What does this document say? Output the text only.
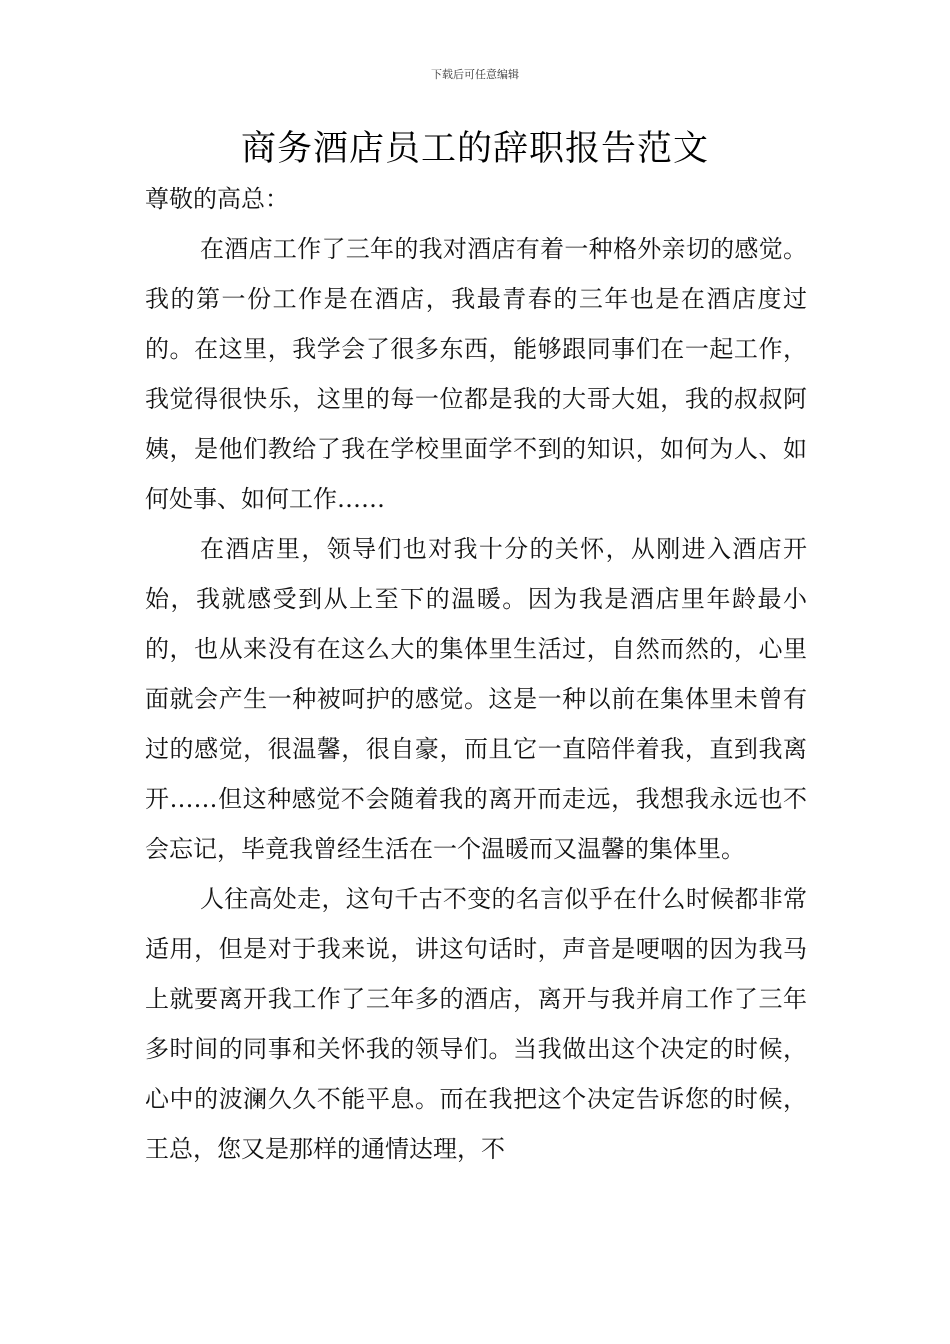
下载后可任意编辑
商务酒店员工的辞职报告范文

尊敬的高总：

在酒店工作了三年的我对酒店有着一种格外亲切的感觉。我的第一份工作是在酒店，我最青春的三年也是在酒店度过的。在这里，我学会了很多东西，能够跟同事们在一起工作，我觉得很快乐，这里的每一位都是我的大哥大姐，我的叔叔阿姨，是他们教给了我在学校里面学不到的知识，如何为人、如何处事、如何工作……

在酒店里，领导们也对我十分的关怀，从刚进入酒店开始，我就感受到从上至下的温暖。因为我是酒店里年龄最小的，也从来没有在这么大的集体里生活过，自然而然的，心里面就会产生一种被呵护的感觉。这是一种以前在集体里未曾有过的感觉，很温馨，很自豪，而且它一直陪伴着我，直到我离开……但这种感觉不会随着我的离开而走远，我想我永远也不会忘记，毕竟我曾经生活在一个温暖而又温馨的集体里。

人往高处走，这句千古不变的名言似乎在什么时候都非常适用，但是对于我来说，讲这句话时，声音是哽咽的因为我马上就要离开我工作了三年多的酒店，离开与我并肩工作了三年多时间的同事和关怀我的领导们。当我做出这个决定的时候，心中的波澜久久不能平息。而在我把这个决定告诉您的时候，王总，您又是那样的通情达理，不
